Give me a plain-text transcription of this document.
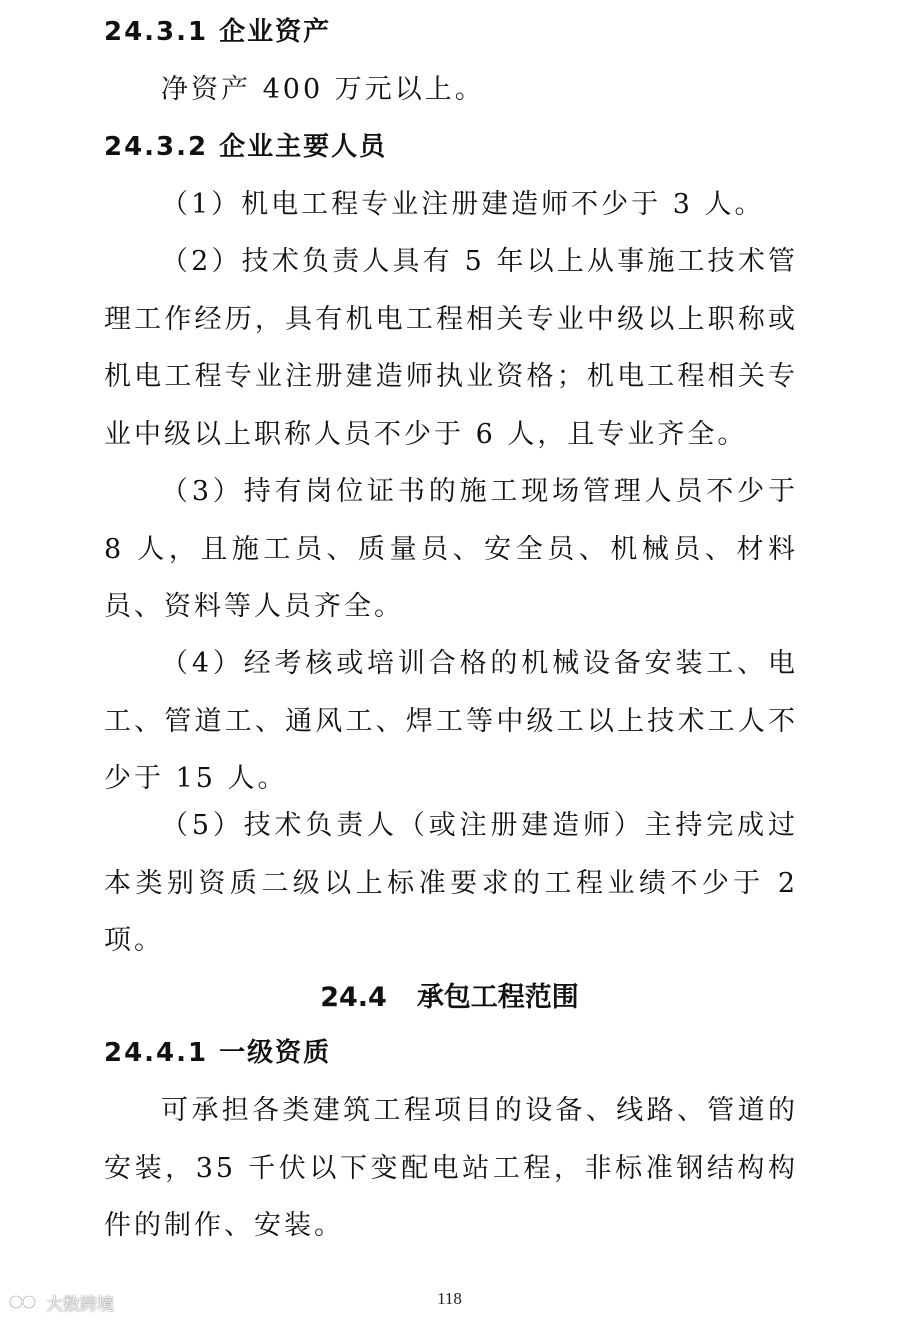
24.3.1 企业资产
净资产 400 万元以上。
24.3.2 企业主要人员
（1）机电工程专业注册建造师不少于 3 人。
（2）技术负责人具有 5 年以上从事施工技术管理工作经历，具有机电工程相关专业中级以上职称或机电工程专业注册建造师执业资格；机电工程相关专业中级以上职称人员不少于 6 人，且专业齐全。
（3）持有岗位证书的施工现场管理人员不少于 8 人，且施工员、质量员、安全员、机械员、材料员、资料等人员齐全。
（4）经考核或培训合格的机械设备安装工、电工、管道工、通风工、焊工等中级工以上技术工人不少于 15 人。
（5）技术负责人（或注册建造师）主持完成过本类别资质二级以上标准要求的工程业绩不少于 2 项。
24.4 承包工程范围
24.4.1 一级资质
可承担各类建筑工程项目的设备、线路、管道的安装，35 千伏以下变配电站工程，非标准钢结构构件的制作、安装。
118
大数跨境
